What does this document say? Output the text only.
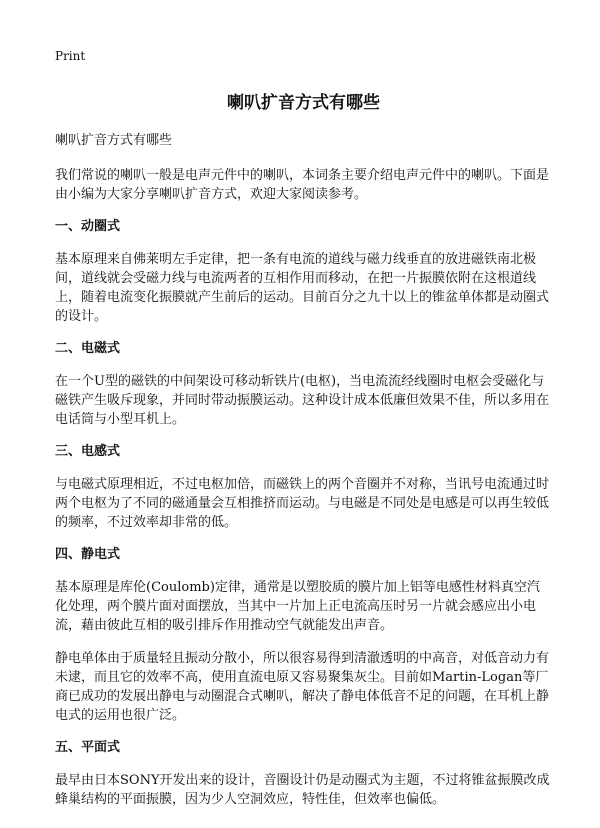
Print
喇叭扩音方式有哪些
喇叭扩音方式有哪些

我们常说的喇叭一般是电声元件中的喇叭，本词条主要介绍电声元件中的喇叭。下面是由小编为大家分享喇叭扩音方式，欢迎大家阅读参考。

一、动圈式

基本原理来自佛莱明左手定律，把一条有电流的道线与磁力线垂直的放进磁铁南北极间，道线就会受磁力线与电流两者的互相作用而移动，在把一片振膜依附在这根道线上，随着电流变化振膜就产生前后的运动。目前百分之九十以上的锥盆单体都是动圈式的设计。

二、电磁式

在一个U型的磁铁的中间架设可移动斩铁片(电枢)，当电流流经线圈时电枢会受磁化与磁铁产生吸斥现象，并同时带动振膜运动。这种设计成本低廉但效果不佳，所以多用在电话筒与小型耳机上。

三、电感式

与电磁式原理相近，不过电枢加倍，而磁铁上的两个音圈并不对称，当讯号电流通过时两个电枢为了不同的磁通量会互相推挤而运动。与电磁是不同处是电感是可以再生较低的频率，不过效率却非常的低。

四、静电式

基本原理是库伦(Coulomb)定律，通常是以塑胶质的膜片加上铝等电感性材料真空汽化处理，两个膜片面对面摆放，当其中一片加上正电流高压时另一片就会感应出小电流，藉由彼此互相的吸引排斥作用推动空气就能发出声音。

静电单体由于质量轻且振动分散小，所以很容易得到清澈透明的中高音，对低音动力有未逮，而且它的效率不高，使用直流电原又容易聚集灰尘。目前如Martin-Logan等厂商已成功的发展出静电与动圈混合式喇叭，解决了静电体低音不足的问题，在耳机上静电式的运用也很广泛。

五、平面式

最早由日本SONY开发出来的设计，音圈设计仍是动圈式为主题，不过将锥盆振膜改成蜂巢结构的平面振膜，因为少人空洞效应，特性佳，但效率也偏低。
